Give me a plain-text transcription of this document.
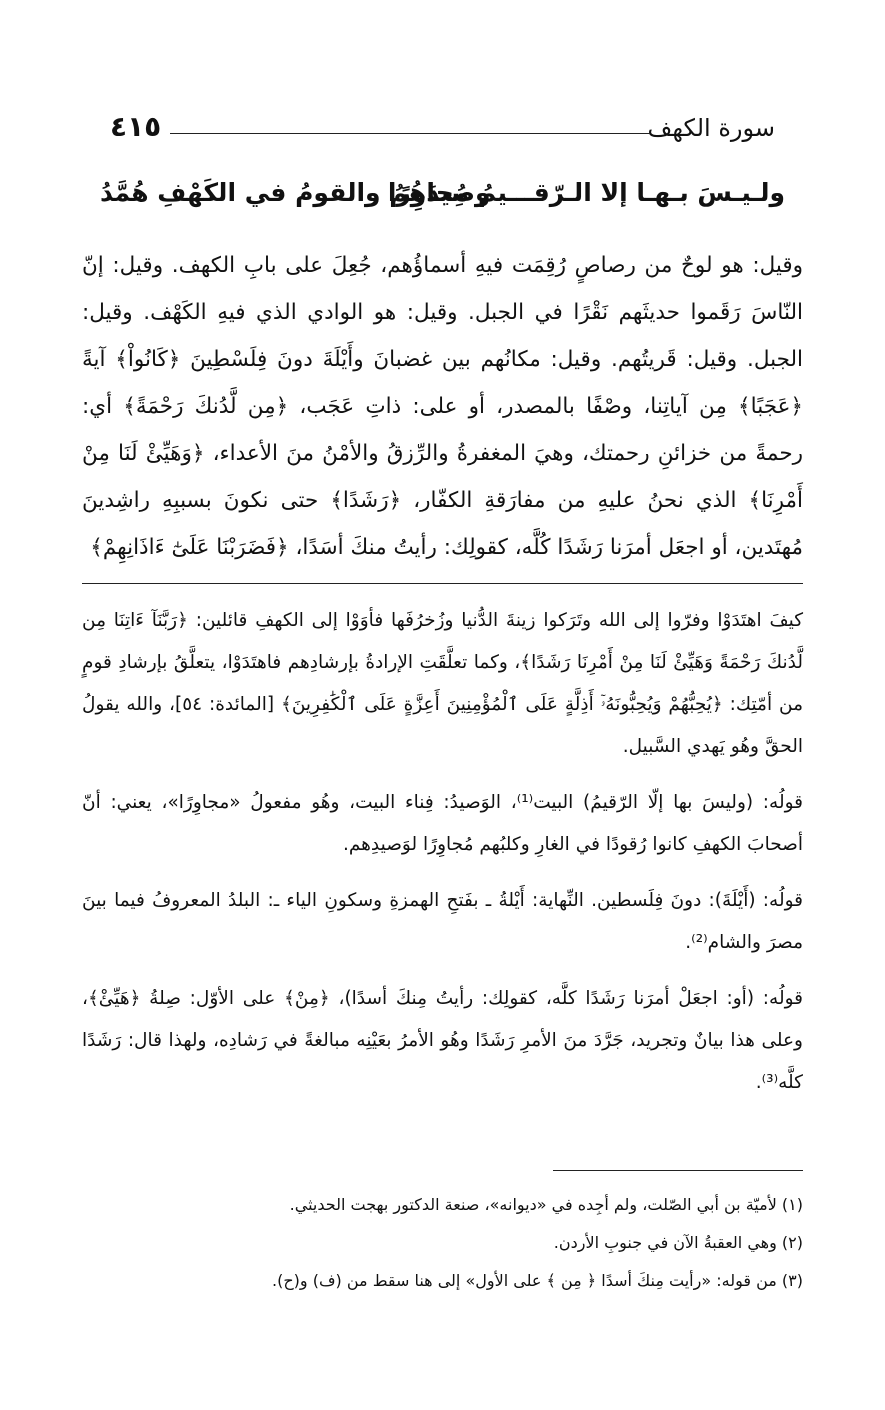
سورة الكهف
٤١٥
ولـيـسَ بـهـا إلا الـرّقـــيمُ مُجاوِرًا
وصِيدَهُمُ والقومُ في الكَهْفِ هُمَّدُ

وقيل: هو لوحٌ من رصاصٍ رُقِمَت فيهِ أسماؤُهم، جُعِلَ على بابِ الكهف. وقيل: إنّ النّاسَ رَقَموا حديثَهم نَقْرًا في الجبل. وقيل: هو الوادي الذي فيهِ الكَهْف. وقيل: الجبل. وقيل: قَريتُهم. وقيل: مكانُهم بين غضبانَ وأَيْلَةَ دونَ فِلَسْطِينَ ﴿كَانُواْ﴾ آيةً ﴿عَجَبًا﴾ مِن آياتِنا، وصْفًا بالمصدر، أو على: ذاتِ عَجَب، ﴿مِن لَّدُنكَ رَحْمَةً﴾ أي: رحمةً من خزائنِ رحمتك، وهيَ المغفرةُ والرِّزقُ والأمْنُ منَ الأعداء، ﴿وَهَيِّئْ لَنَا مِنْ أَمْرِنَا﴾ الذي نحنُ عليهِ من مفارَقةِ الكفّار، ﴿رَشَدًا﴾ حتى نكونَ بسببِهِ راشِدينَ مُهتَدين، أو اجعَل أمرَنا رَشَدًا كُلَّه، كقولِك: رأيتُ منكَ أسَدًا، ﴿فَضَرَبْنَا عَلَىٰٓ ءَاذَانِهِمْ﴾

كيفَ اهتَدَوْا وفرّوا إلى الله وتَرَكوا زينةَ الدُّنيا وزُخرُفَها فأوَوْا إلى الكهفِ قائلين: ﴿رَبَّنَآ ءَاتِنَا مِن لَّدُنكَ رَحْمَةً وَهَيِّئْ لَنَا مِنْ أَمْرِنَا رَشَدًا﴾، وكما تعلَّقَتِ الإرادةُ بإرشادِهم فاهتَدَوْا، يتعلَّقُ بإرشادِ قومٍ من أمّتِك: ﴿يُحِبُّهُمْ وَيُحِبُّونَهُۥٓ أَذِلَّةٍ عَلَى ٱلْمُؤْمِنِينَ أَعِزَّةٍ عَلَى ٱلْكَٰفِرِينَ﴾ [المائدة: ٥٤]، والله يقولُ الحقَّ وهُو يَهدي السَّبيل.

قولُه: (وليسَ بها إلّا الرّقيمُ) البيت⁽¹⁾، الوَصيدُ: فِناء البيت، وهُو مفعولُ «مجاوِرًا»، يعني: أنّ أصحابَ الكهفِ كانوا رُقودًا في الغارِ وكلبُهم مُجاوِرًا لوَصيدِهم.

قولُه: (أَيْلَةَ): دونَ فِلَسطين. النِّهاية: أَيْلةُ ـ بفَتحِ الهمزةِ وسكونِ الياء ـ: البلدُ المعروفُ فيما بينَ مصرَ والشام⁽²⁾.

قولُه: (أو: اجعَلْ أمرَنا رَشَدًا كلَّه، كقولِك: رأيتُ مِنكَ أسدًا)، ﴿مِنْ﴾ على الأوّل: صِلةُ ﴿هَيِّئْ﴾، وعلى هذا بيانٌ وتجريد، جَرَّدَ منَ الأمرِ رَشَدًا وهُو الأمرُ بعَيْنِه مبالغةً في رَشادِه، ولهذا قال: رَشَدًا كلَّه⁽³⁾.

(١) لأميّة بن أبي الصّلت، ولم أجِده في «ديوانه»، صنعة الدكتور بهجت الحديثي.
(٢) وهي العقبةُ الآن في جنوبِ الأردن.
(٣) من قوله: «رأيت مِنكَ أسدًا ﴿ مِن ﴾ على الأول» إلى هنا سقط من (ف) و(ح).
